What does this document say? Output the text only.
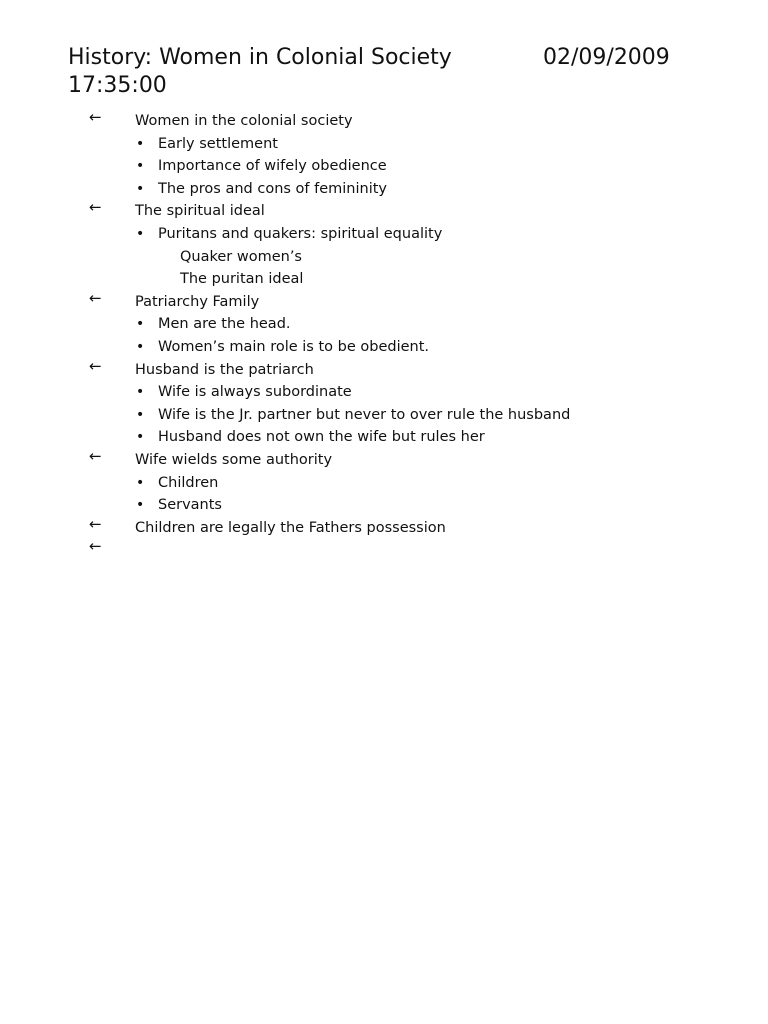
History: Women in Colonial Society	02/09/2009
17:35:00
← Women in the colonial society
• Early settlement
• Importance of wifely obedience
• The pros and cons of femininity
← The spiritual ideal
• Puritans and quakers: spiritual equality
Quaker women’s
The puritan ideal
← Patriarchy Family
• Men are the head.
• Women’s main role is to be obedient.
← Husband is the patriarch
• Wife is always subordinate
• Wife is the Jr. partner but never to over rule the husband
• Husband does not own the wife but rules her
← Wife wields some authority
• Children
• Servants
← Children are legally the Fathers possession
←
